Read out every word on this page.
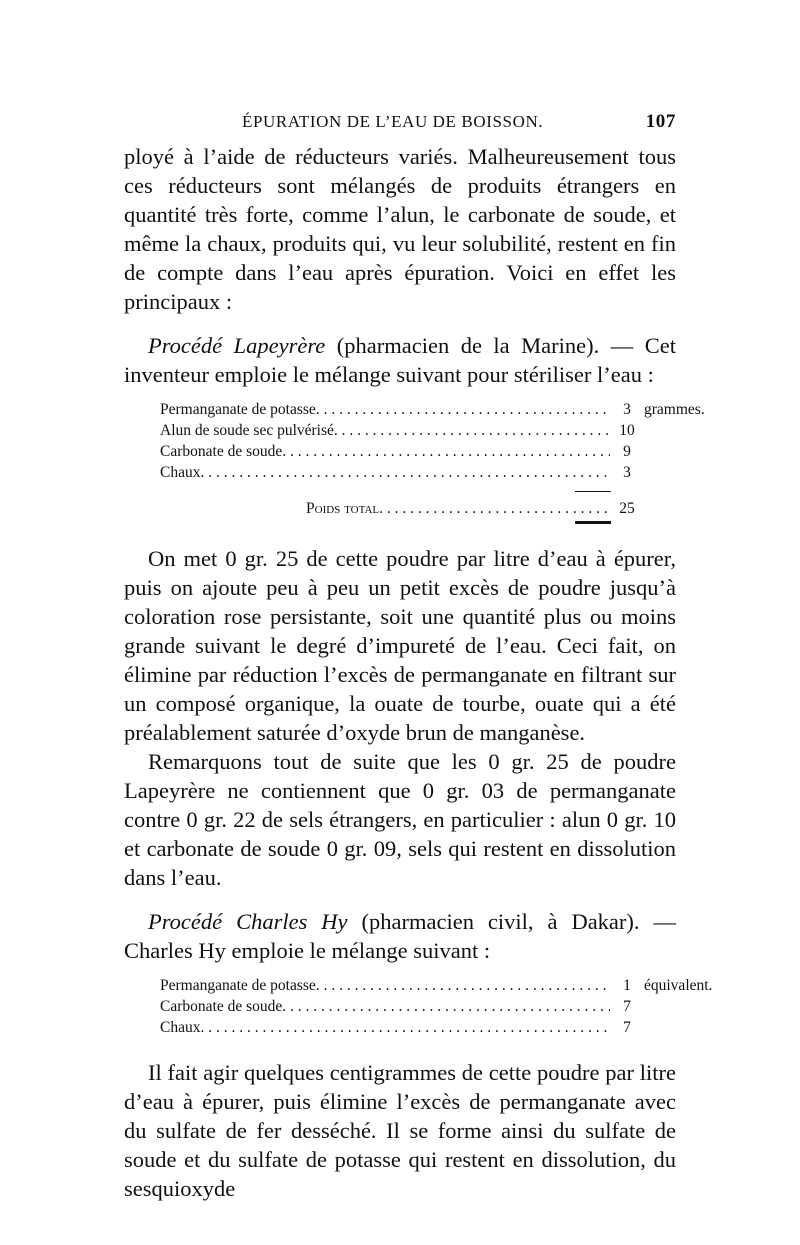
ÉPURATION DE L’EAU DE BOISSON.	107

ployé à l’aide de réducteurs variés. Malheureusement tous ces réducteurs sont mélangés de produits étrangers en quantité très forte, comme l’alun, le carbonate de soude, et même la chaux, produits qui, vu leur solubilité, restent en fin de compte dans l’eau après épuration. Voici en effet les principaux :

Procédé Lapeyrère (pharmacien de la Marine). — Cet inventeur emploie le mélange suivant pour stériliser l’eau :

Permanganate de potasse . . .	3 grammes.
Alun de soude sec pulvérisé . . .	10
Carbonate de soude . . .	9
Chaux . . .	3
Poids total . . .	25

On met 0 gr. 25 de cette poudre par litre d’eau à épurer, puis on ajoute peu à peu un petit excès de poudre jusqu’à coloration rose persistante, soit une quantité plus ou moins grande suivant le degré d’impureté de l’eau. Ceci fait, on élimine par réduction l’excès de permanganate en filtrant sur un composé organique, la ouate de tourbe, ouate qui a été préalablement saturée d’oxyde brun de manganèse.

Remarquons tout de suite que les 0 gr. 25 de poudre Lapeyrère ne contiennent que 0 gr. 03 de permanganate contre 0 gr. 22 de sels étrangers, en particulier : alun 0 gr. 10 et carbonate de soude 0 gr. 09, sels qui restent en dissolution dans l’eau.

Procédé Charles Hy (pharmacien civil, à Dakar). — Charles Hy emploie le mélange suivant :

Permanganate de potasse . . .	1 équivalent.
Carbonate de soude . . .	7
Chaux . . .	7

Il fait agir quelques centigrammes de cette poudre par litre d’eau à épurer, puis élimine l’excès de permanganate avec du sulfate de fer desséché. Il se forme ainsi du sulfate de soude et du sulfate de potasse qui restent en dissolution, du sesquioxyde
